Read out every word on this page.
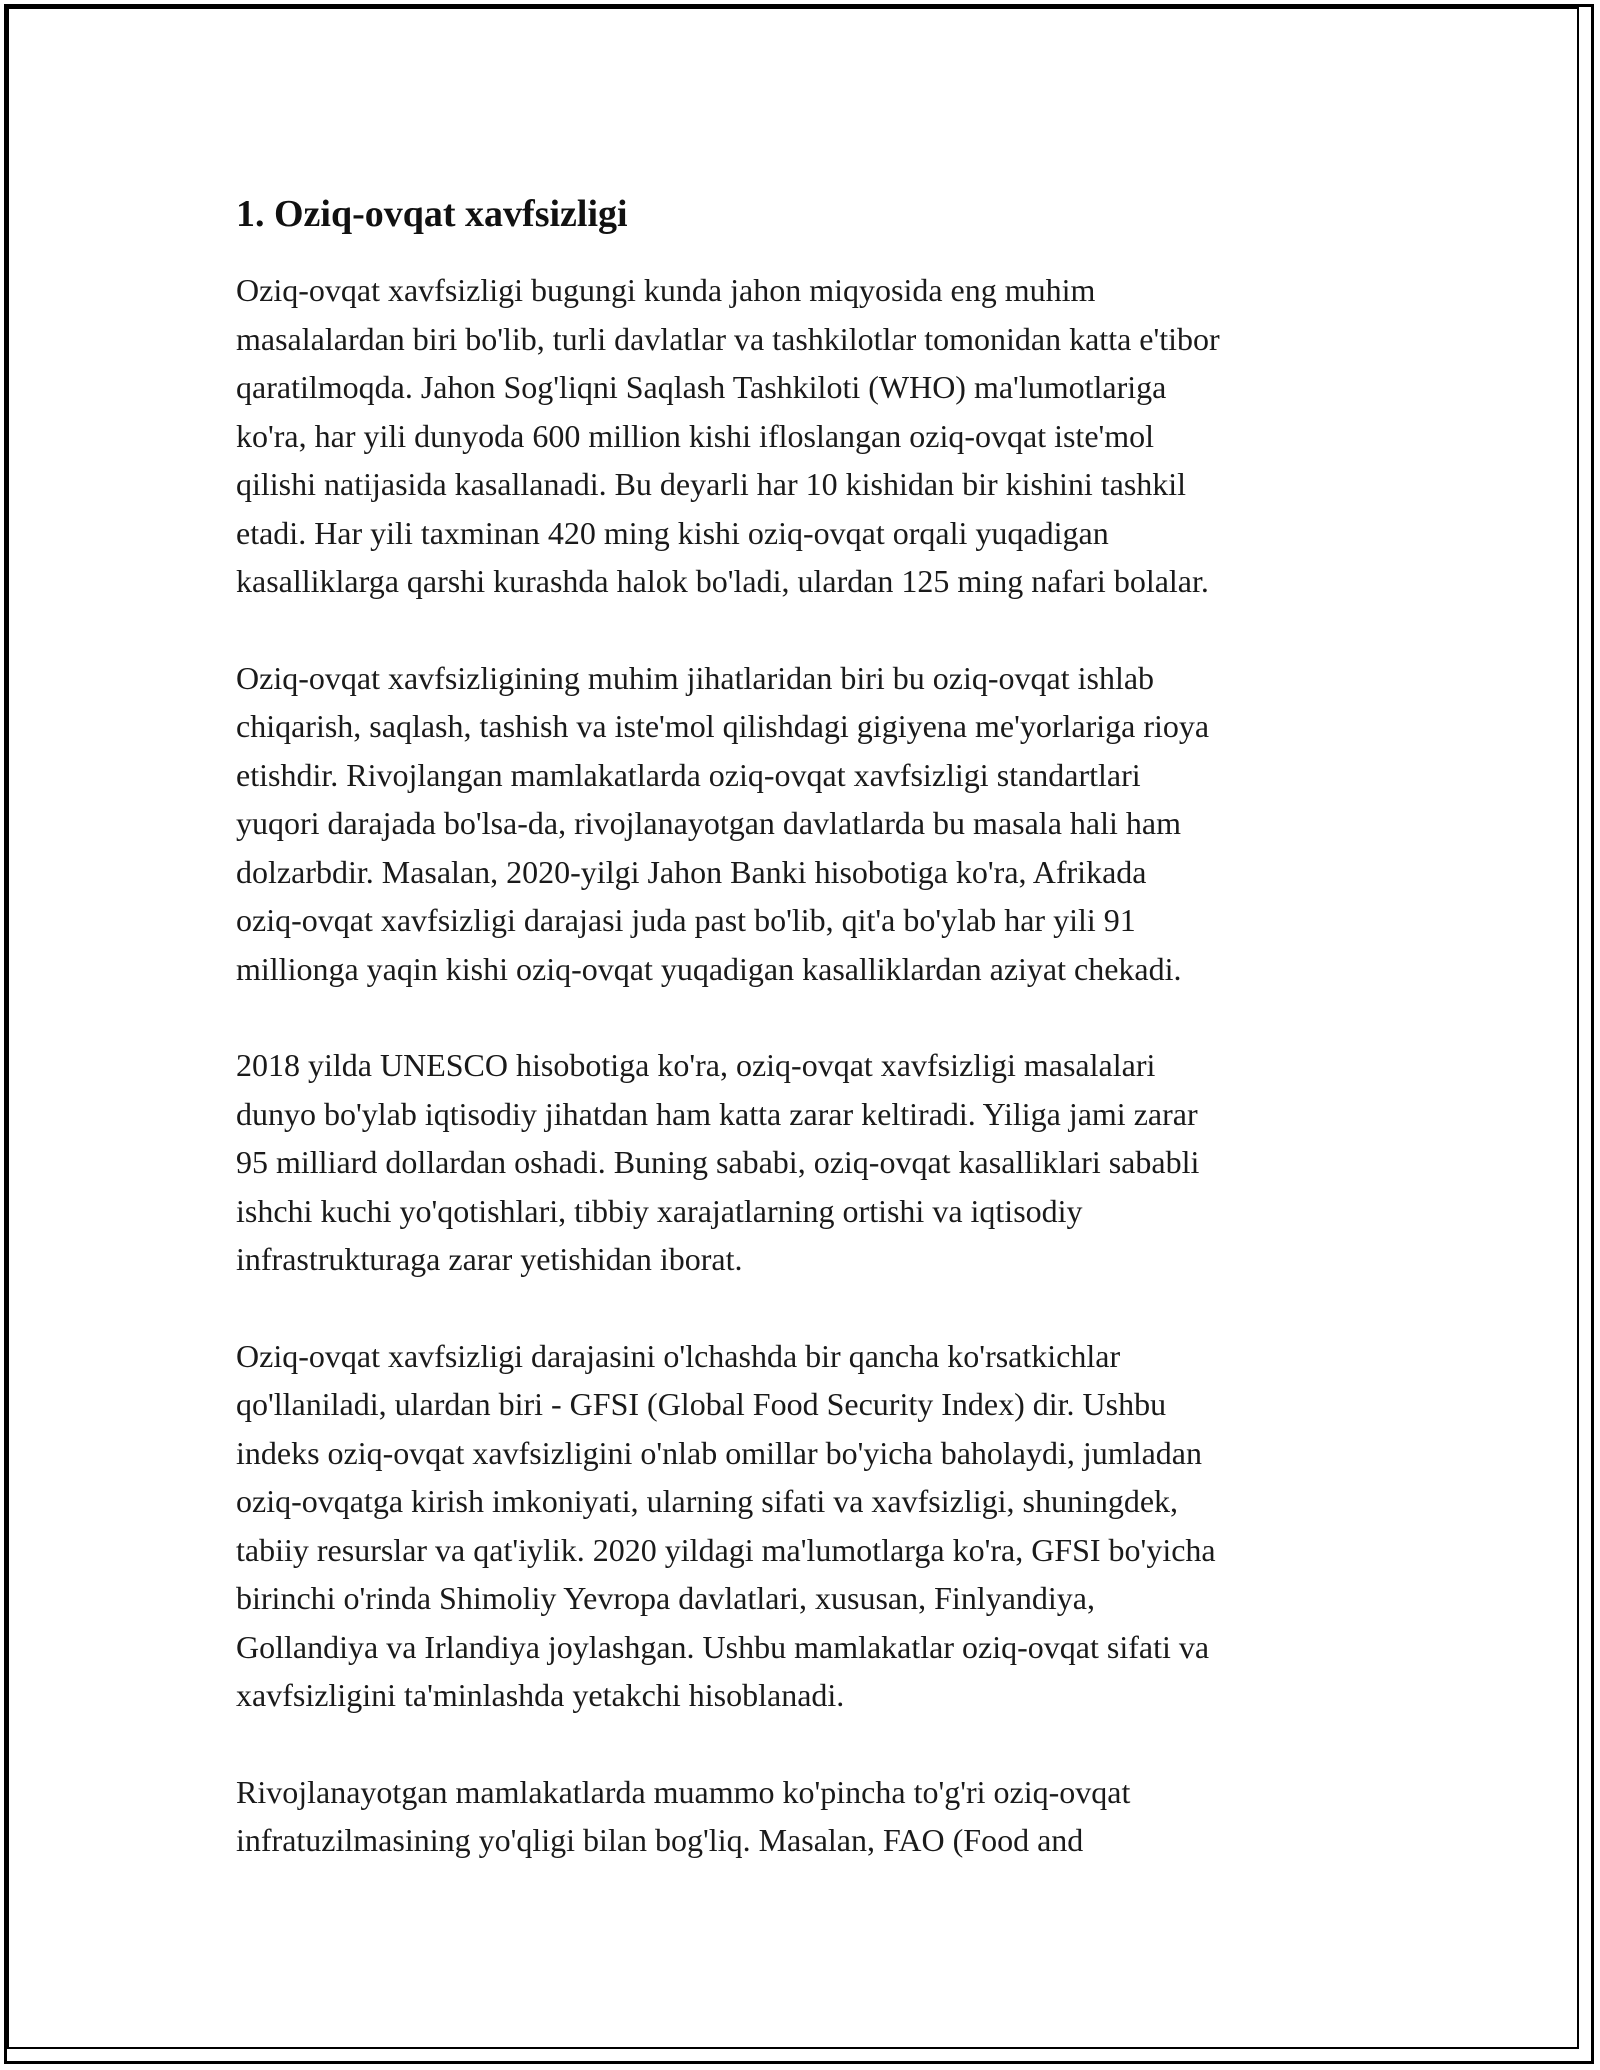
1. Oziq-ovqat xavfsizligi

Oziq-ovqat xavfsizligi bugungi kunda jahon miqyosida eng muhim
masalalardan biri bo'lib, turli davlatlar va tashkilotlar tomonidan katta e'tibor
qaratilmoqda. Jahon Sog'liqni Saqlash Tashkiloti (WHO) ma'lumotlariga
ko'ra, har yili dunyoda 600 million kishi ifloslangan oziq-ovqat iste'mol
qilishi natijasida kasallanadi. Bu deyarli har 10 kishidan bir kishini tashkil
etadi. Har yili taxminan 420 ming kishi oziq-ovqat orqali yuqadigan
kasalliklarga qarshi kurashda halok bo'ladi, ulardan 125 ming nafari bolalar.

Oziq-ovqat xavfsizligining muhim jihatlaridan biri bu oziq-ovqat ishlab
chiqarish, saqlash, tashish va iste'mol qilishdagi gigiyena me'yorlariga rioya
etishdir. Rivojlangan mamlakatlarda oziq-ovqat xavfsizligi standartlari
yuqori darajada bo'lsa-da, rivojlanayotgan davlatlarda bu masala hali ham
dolzarbdir. Masalan, 2020-yilgi Jahon Banki hisobotiga ko'ra, Afrikada
oziq-ovqat xavfsizligi darajasi juda past bo'lib, qit'a bo'ylab har yili 91
millionga yaqin kishi oziq-ovqat yuqadigan kasalliklardan aziyat chekadi.

2018 yilda UNESCO hisobotiga ko'ra, oziq-ovqat xavfsizligi masalalari
dunyo bo'ylab iqtisodiy jihatdan ham katta zarar keltiradi. Yiliga jami zarar
95 milliard dollardan oshadi. Buning sababi, oziq-ovqat kasalliklari sababli
ishchi kuchi yo'qotishlari, tibbiy xarajatlarning ortishi va iqtisodiy
infrastrukturaga zarar yetishidan iborat.

Oziq-ovqat xavfsizligi darajasini o'lchashda bir qancha ko'rsatkichlar
qo'llaniladi, ulardan biri - GFSI (Global Food Security Index) dir. Ushbu
indeks oziq-ovqat xavfsizligini o'nlab omillar bo'yicha baholaydi, jumladan
oziq-ovqatga kirish imkoniyati, ularning sifati va xavfsizligi, shuningdek,
tabiiy resurslar va qat'iylik. 2020 yildagi ma'lumotlarga ko'ra, GFSI bo'yicha
birinchi o'rinda Shimoliy Yevropa davlatlari, xususan, Finlyandiya,
Gollandiya va Irlandiya joylashgan. Ushbu mamlakatlar oziq-ovqat sifati va
xavfsizligini ta'minlashda yetakchi hisoblanadi.

Rivojlanayotgan mamlakatlarda muammo ko'pincha to'g'ri oziq-ovqat
infratuzilmasining yo'qligi bilan bog'liq. Masalan, FAO (Food and
